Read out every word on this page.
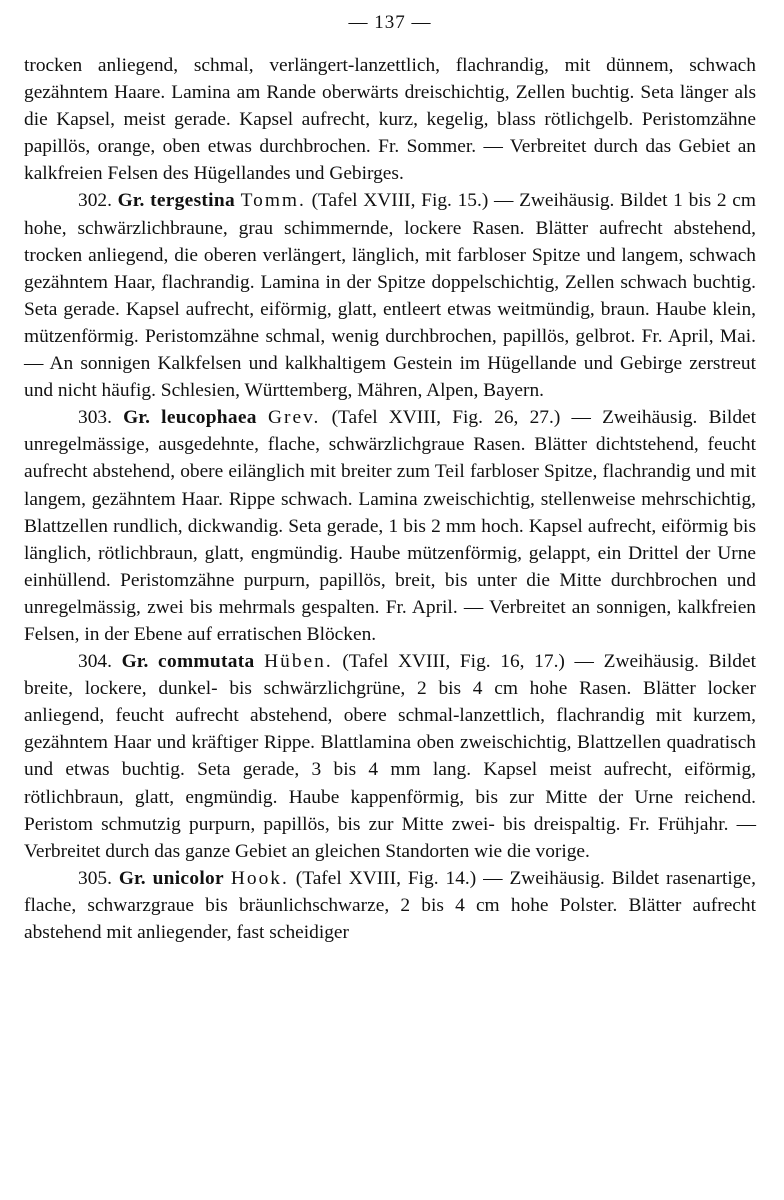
— 137 —

trocken anliegend, schmal, verlängert-lanzettlich, flachrandig, mit dünnem, schwach gezähntem Haare. Lamina am Rande oberwärts dreischichtig, Zellen buchtig. Seta länger als die Kapsel, meist gerade. Kapsel aufrecht, kurz, kegelig, blass rötlichgelb. Peristomzähne papillös, orange, oben etwas durchbrochen. Fr. Sommer. — Verbreitet durch das Gebiet an kalkfreien Felsen des Hügellandes und Gebirges.

302. Gr. tergestina Tomm. (Tafel XVIII, Fig. 15.) — Zweihäusig. Bildet 1 bis 2 cm hohe, schwärzlichbraune, grau schimmernde, lockere Rasen. Blätter aufrecht abstehend, trocken anliegend, die oberen verlängert, länglich, mit farbloser Spitze und langem, schwach gezähntem Haar, flachrandig. Lamina in der Spitze doppelschichtig, Zellen schwach buchtig. Seta gerade. Kapsel aufrecht, eiförmig, glatt, entleert etwas weitmündig, braun. Haube klein, mützenförmig. Peristomzähne schmal, wenig durchbrochen, papillös, gelbrot. Fr. April, Mai. — An sonnigen Kalkfelsen und kalkhaltigem Gestein im Hügellande und Gebirge zerstreut und nicht häufig. Schlesien, Württemberg, Mähren, Alpen, Bayern.

303. Gr. leucophaea Grev. (Tafel XVIII, Fig. 26, 27.) — Zweihäusig. Bildet unregelmässige, ausgedehnte, flache, schwärzlichgraue Rasen. Blätter dichtstehend, feucht aufrecht abstehend, obere eilänglich mit breiter zum Teil farbloser Spitze, flachrandig und mit langem, gezähntem Haar. Rippe schwach. Lamina zweischichtig, stellenweise mehrschichtig, Blattzellen rundlich, dickwandig. Seta gerade, 1 bis 2 mm hoch. Kapsel aufrecht, eiförmig bis länglich, rötlichbraun, glatt, engmündig. Haube mützenförmig, gelappt, ein Drittel der Urne einhüllend. Peristomzähne purpurn, papillös, breit, bis unter die Mitte durchbrochen und unregelmässig, zwei bis mehrmals gespalten. Fr. April. — Verbreitet an sonnigen, kalkfreien Felsen, in der Ebene auf erratischen Blöcken.

304. Gr. commutata Hüben. (Tafel XVIII, Fig. 16, 17.) — Zweihäusig. Bildet breite, lockere, dunkel- bis schwärzlichgrüne, 2 bis 4 cm hohe Rasen. Blätter locker anliegend, feucht aufrecht abstehend, obere schmal-lanzettlich, flachrandig mit kurzem, gezähntem Haar und kräftiger Rippe. Blattlamina oben zweischichtig, Blattzellen quadratisch und etwas buchtig. Seta gerade, 3 bis 4 mm lang. Kapsel meist aufrecht, eiförmig, rötlichbraun, glatt, engmündig. Haube kappenförmig, bis zur Mitte der Urne reichend. Peristom schmutzig purpurn, papillös, bis zur Mitte zwei- bis dreispaltig. Fr. Frühjahr. — Verbreitet durch das ganze Gebiet an gleichen Standorten wie die vorige.

305. Gr. unicolor Hook. (Tafel XVIII, Fig. 14.) — Zweihäusig. Bildet rasenartige, flache, schwarzgraue bis bräunlichschwarze, 2 bis 4 cm hohe Polster. Blätter aufrecht abstehend mit anliegender, fast scheidiger
